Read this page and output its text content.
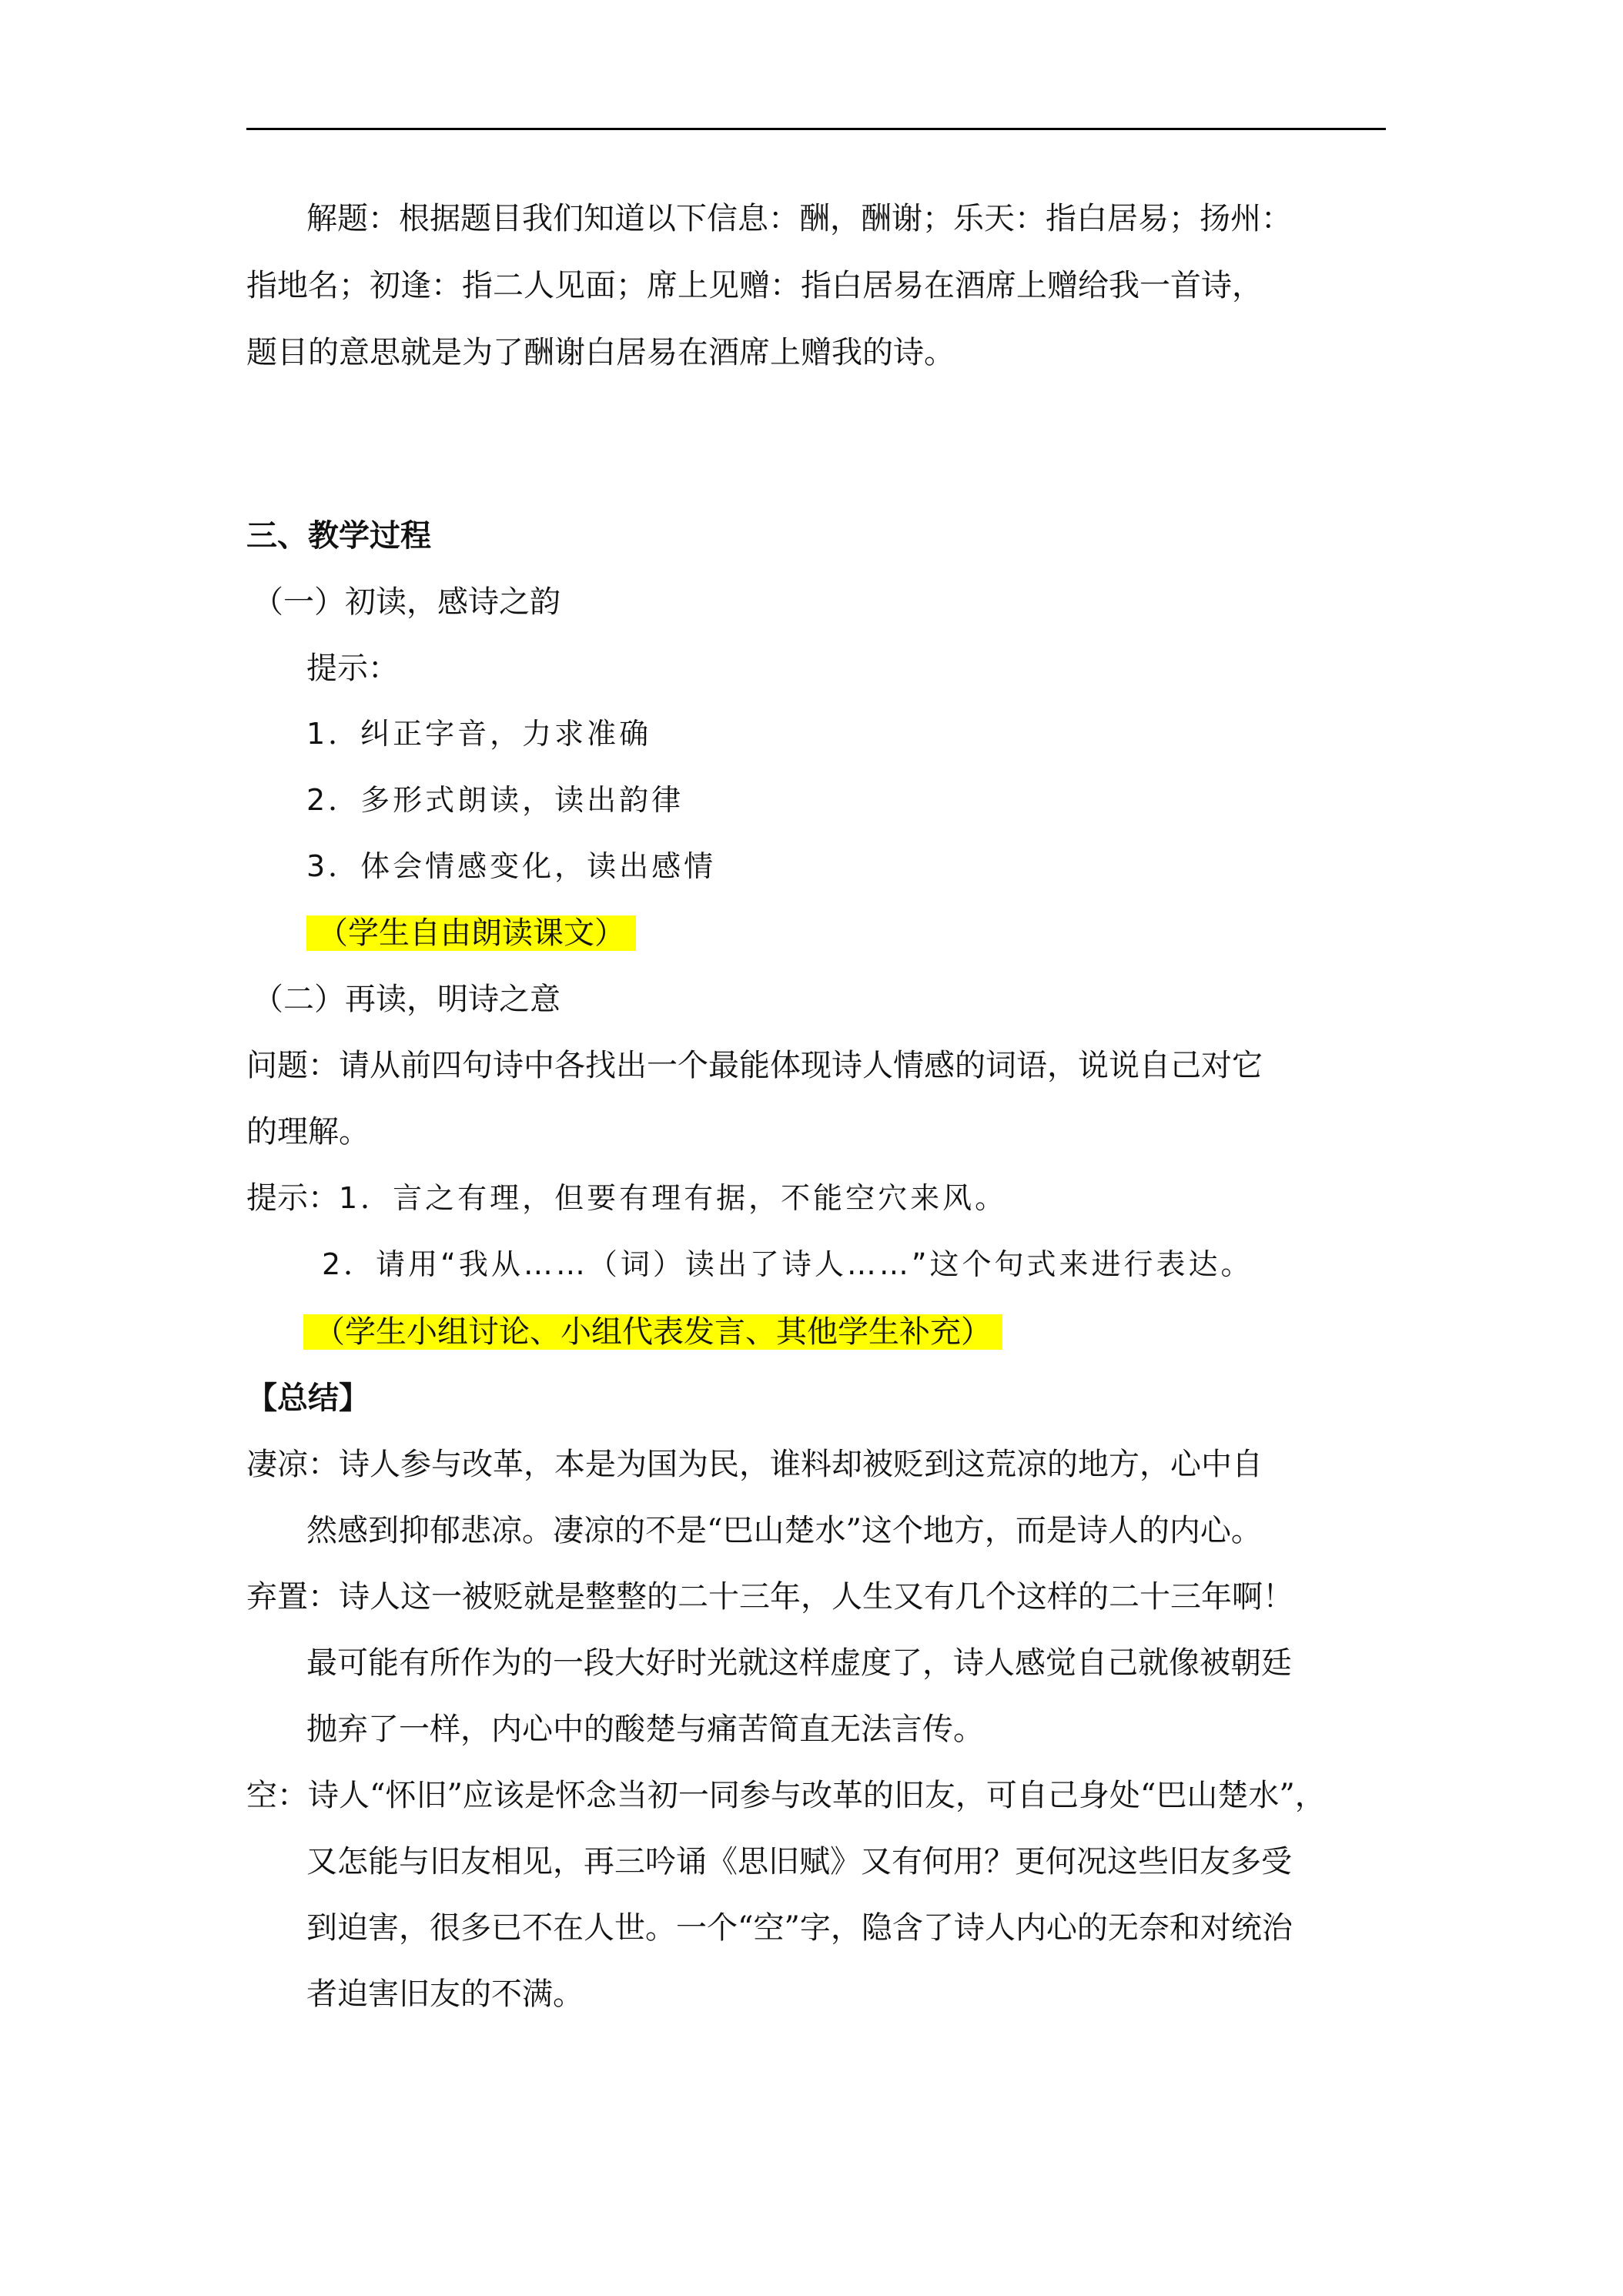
解题：根据题目我们知道以下信息：酬，酬谢；乐天：指白居易；扬州：
指地名；初逢：指二人见面；席上见赠：指白居易在酒席上赠给我一首诗，
题目的意思就是为了酬谢白居易在酒席上赠我的诗。
三、教学过程
（一）初读，感诗之韵
提示：
1．纠正字音，力求准确
2．多形式朗读，读出韵律
3．体会情感变化，读出感情
（学生自由朗读课文）
（二）再读，明诗之意
问题：请从前四句诗中各找出一个最能体现诗人情感的词语，说说自己对它
的理解。
提示：1．言之有理，但要有理有据，不能空穴来风。
2．请用“我从……（词）读出了诗人……”这个句式来进行表达。
（学生小组讨论、小组代表发言、其他学生补充）
【总结】
凄凉：诗人参与改革，本是为国为民，谁料却被贬到这荒凉的地方，心中自
然感到抑郁悲凉。凄凉的不是“巴山楚水”这个地方，而是诗人的内心。
弃置：诗人这一被贬就是整整的二十三年，人生又有几个这样的二十三年啊！
最可能有所作为的一段大好时光就这样虚度了，诗人感觉自己就像被朝廷
抛弃了一样，内心中的酸楚与痛苦简直无法言传。
空：诗人“怀旧”应该是怀念当初一同参与改革的旧友，可自己身处“巴山楚水”，
又怎能与旧友相见，再三吟诵《思旧赋》又有何用？更何况这些旧友多受
到迫害，很多已不在人世。一个“空”字，隐含了诗人内心的无奈和对统治
者迫害旧友的不满。
